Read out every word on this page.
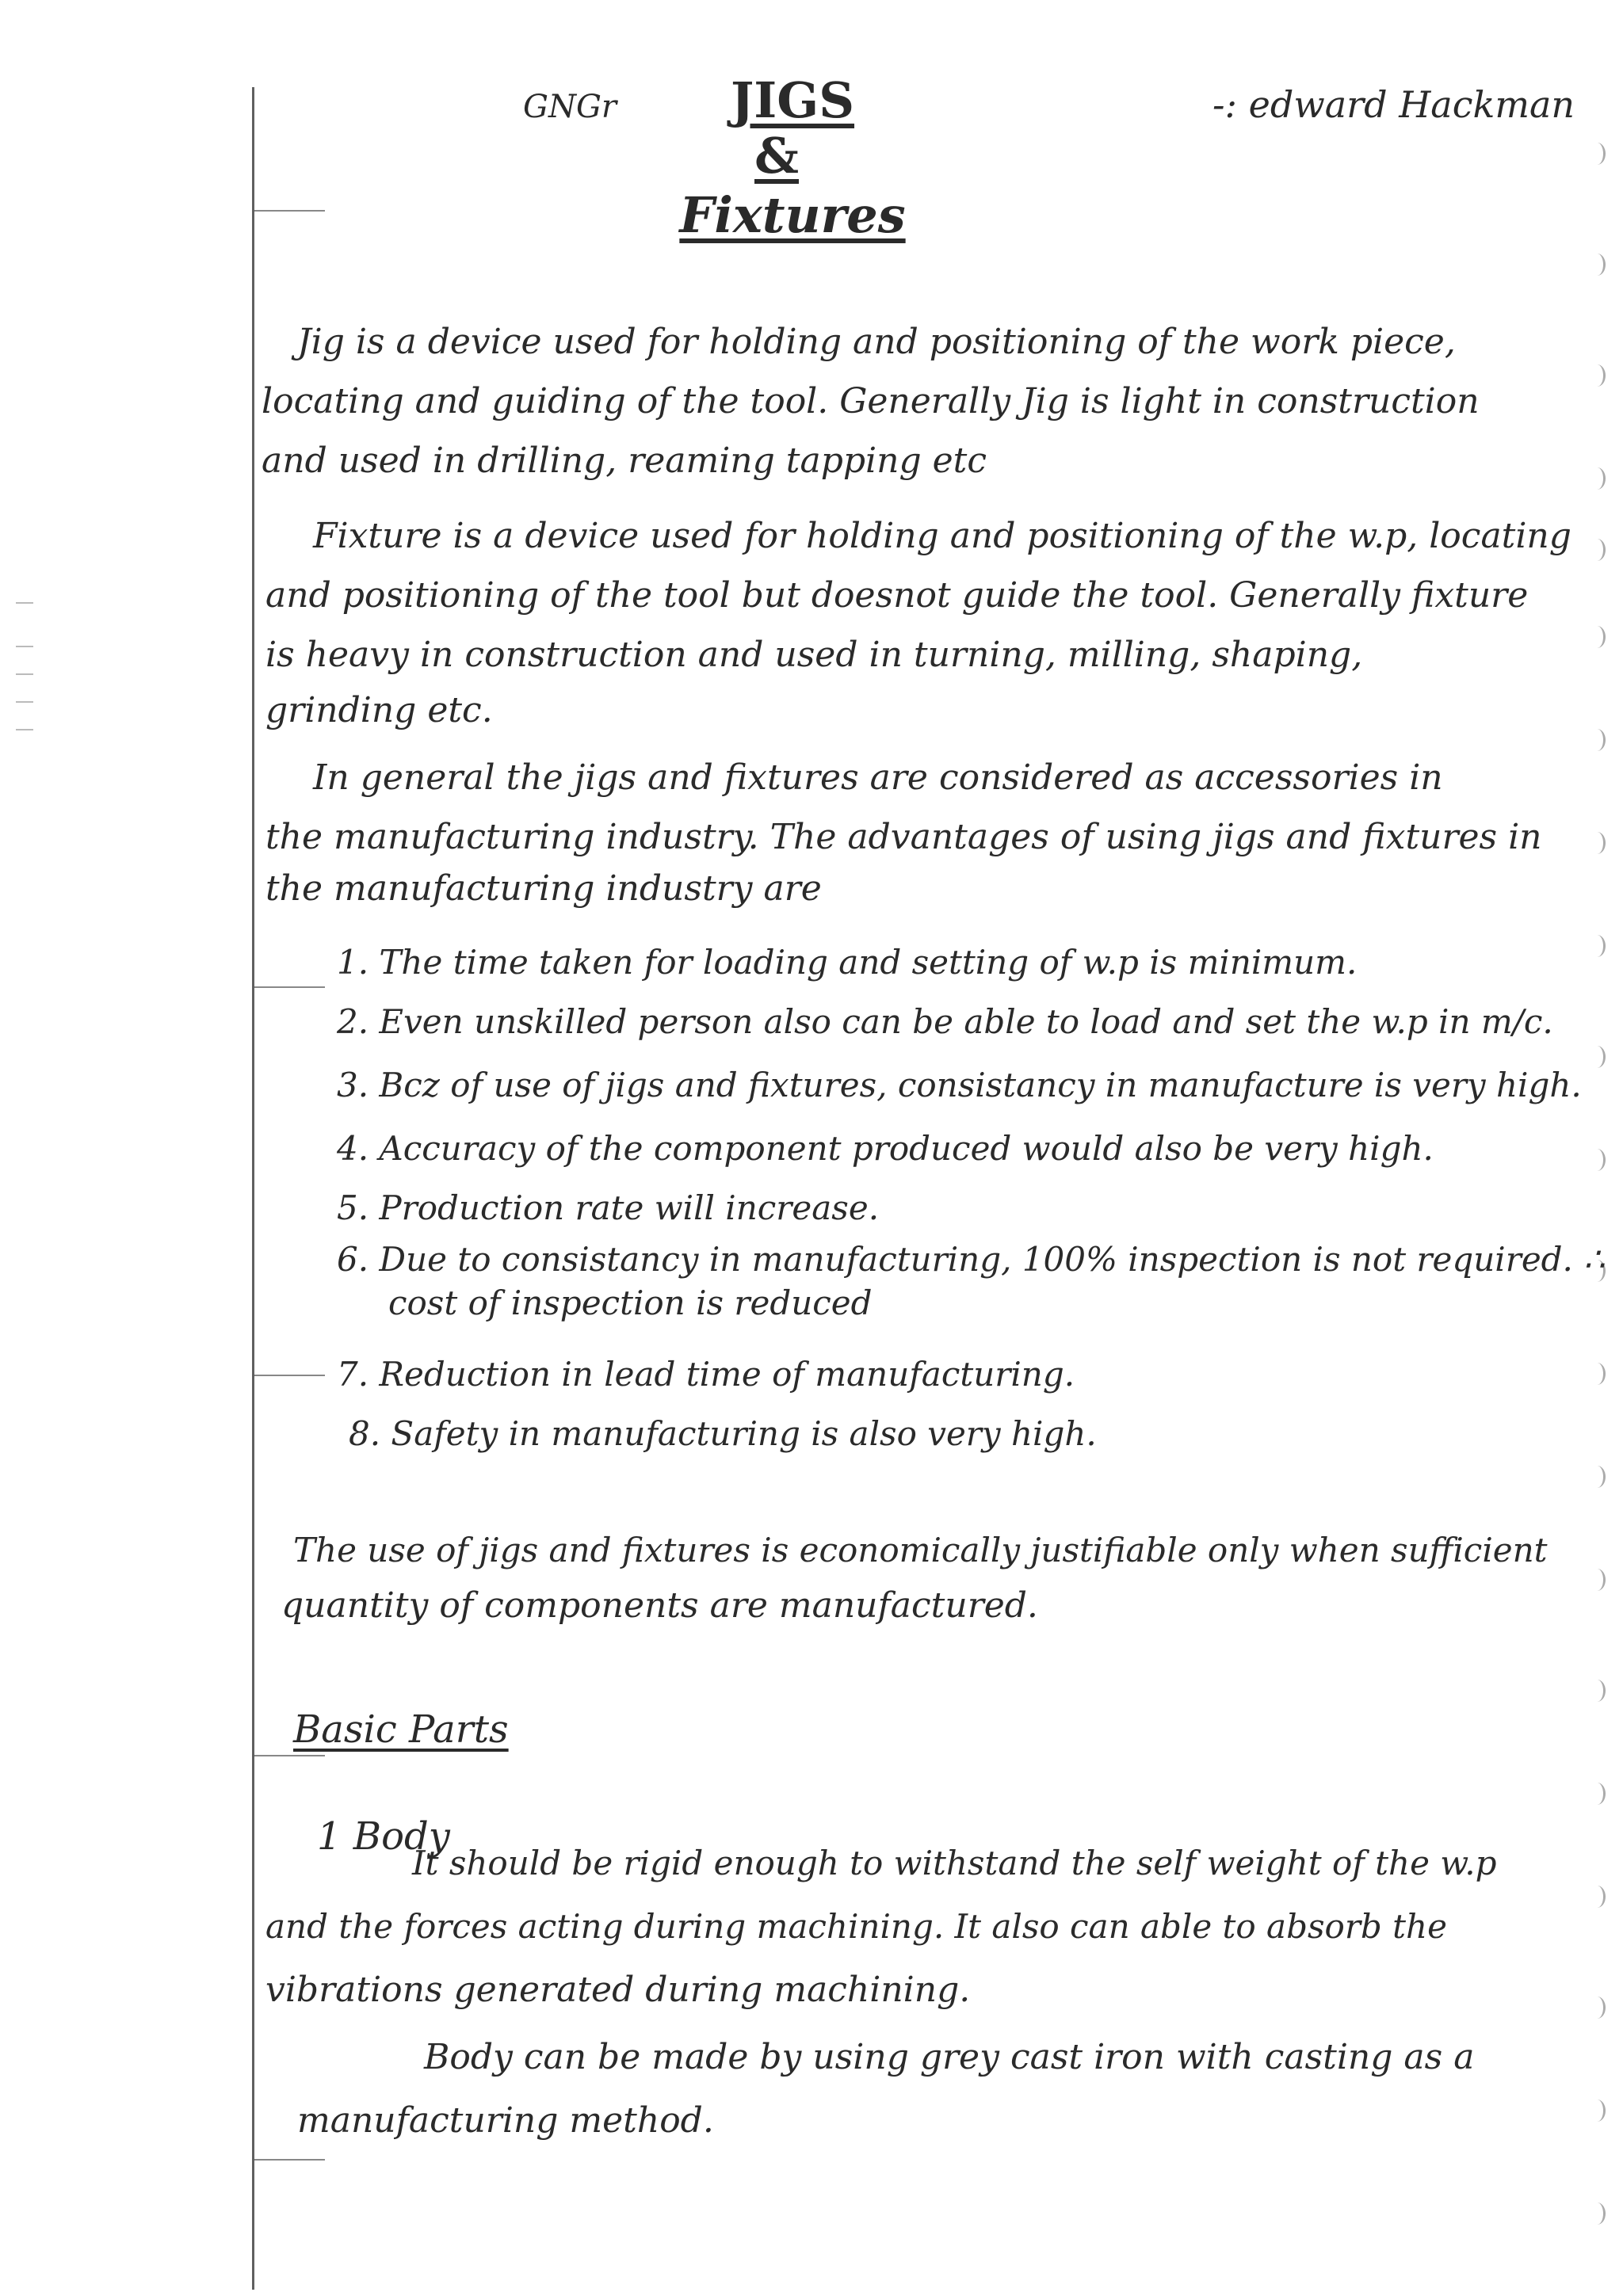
GNGr	-: edward Hackman

JIGS

&

Fixtures

Jig is a device used for holding and positioning of the work piece,

locating and guiding of the tool. Generally Jig is light in construction

and used in drilling, reaming tapping etc

Fixture is a device used for holding and positioning of the w.p, locating

and positioning of the tool but doesnot guide the tool. Generally fixture

is heavy in construction and used in turning, milling, shaping,

grinding etc.

In general the jigs and fixtures are considered as accessories in

the manufacturing industry. The advantages of using jigs and fixtures in

the manufacturing industry are

1. The time taken for loading and setting of w.p is minimum.

2. Even unskilled person also can be able to load and set the w.p in m/c.

3. Bcz of use of jigs and fixtures, consistancy in manufacture is very high.

4. Accuracy of the component produced would also be very high.

5. Production rate will increase.

6. Due to consistancy in manufacturing, 100% inspection is not required. ∴

cost of inspection is reduced

7. Reduction in lead time of manufacturing.

8. Safety in manufacturing is also very high.

The use of jigs and fixtures is economically justifiable only when sufficient

quantity of components are manufactured.

Basic Parts

1 Body

It should be rigid enough to withstand the self weight of the w.p

and the forces acting during machining. It also can able to absorb the

vibrations generated during machining.

Body can be made by using grey cast iron with casting as a

manufacturing method.
